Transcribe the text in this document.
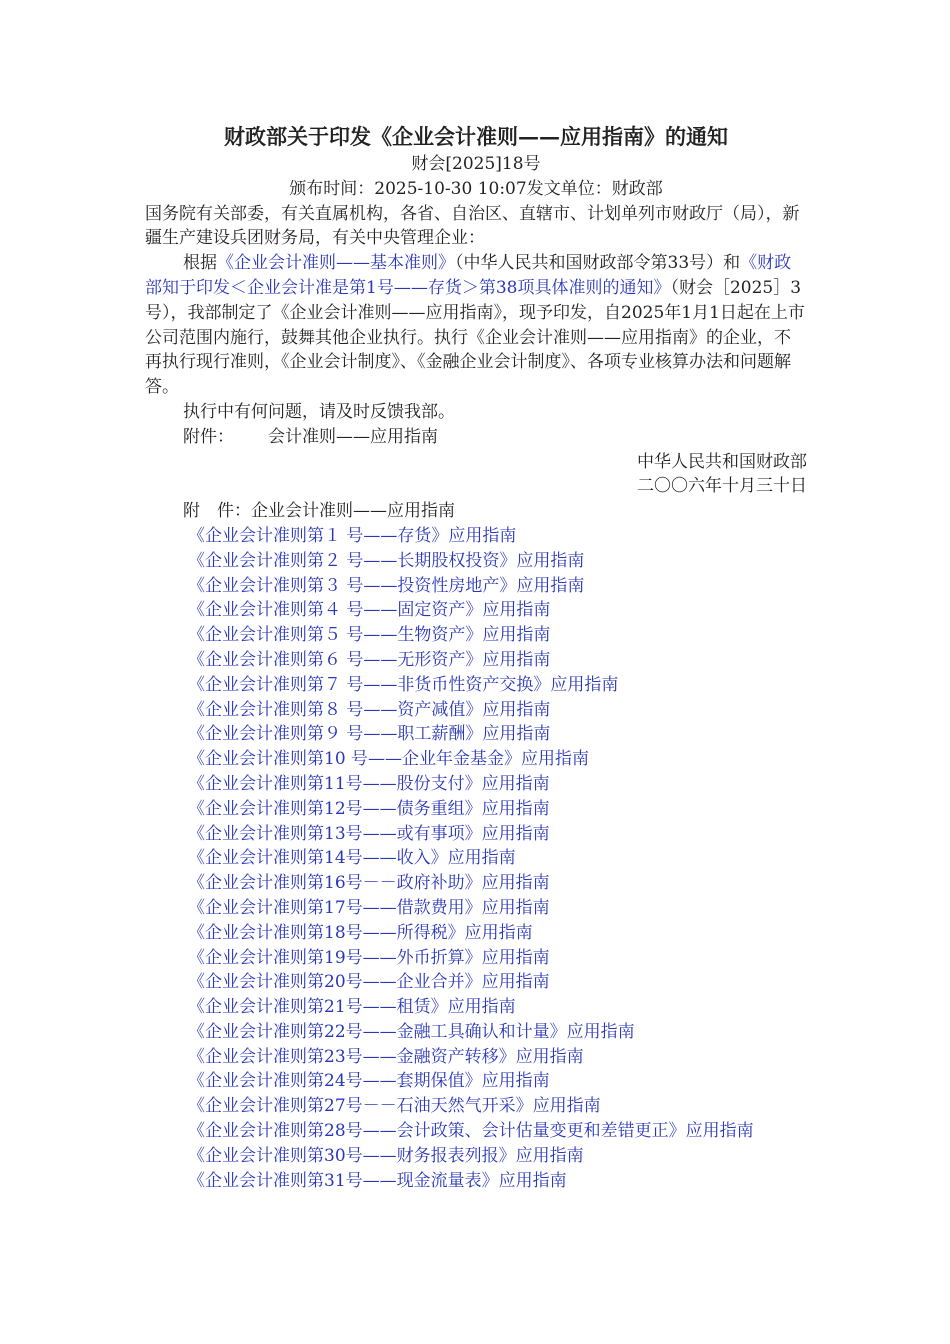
财政部关于印发《企业会计准则——应用指南》的通知
财会[2025]18号
颁布时间：2025-10-30 10:07发文单位：财政部

国务院有关部委，有关直属机构，各省、自治区、直辖市、计划单列市财政厅（局），新疆生产建设兵团财务局，有关中央管理企业：

根据《企业会计准则——基本准则》（中华人民共和国财政部令第33号）和《财政部知于印发＜企业会计准是第1号——存货＞第38项具体准则的通知》（财会［2025］3号），我部制定了《企业会计准则——应用指南》，现予印发，自2025年1月1日起在上市公司范围内施行，鼓舞其他企业执行。执行《企业会计准则——应用指南》的企业，不再执行现行准则，《企业会计制度》、《金融企业会计制度》、各项专业核算办法和问题解答。

执行中有何问题，请及时反馈我部。

附件： 会计准则——应用指南
中华人民共和国财政部
二〇〇六年十月三十日
附　件：企业会计准则——应用指南
《企业会计准则第１ 号——存货》应用指南
《企业会计准则第２ 号——长期股权投资》应用指南
《企业会计准则第３ 号——投资性房地产》应用指南
《企业会计准则第４ 号——固定资产》应用指南
《企业会计准则第５ 号——生物资产》应用指南
《企业会计准则第６ 号——无形资产》应用指南
《企业会计准则第７ 号——非货币性资产交换》应用指南
《企业会计准则第８ 号——资产减值》应用指南
《企业会计准则第９ 号——职工薪酬》应用指南
《企业会计准则第10 号——企业年金基金》应用指南
《企业会计准则第11号——股份支付》应用指南
《企业会计准则第12号——债务重组》应用指南
《企业会计准则第13号——或有事项》应用指南
《企业会计准则第14号——收入》应用指南
《企业会计准则第16号－－政府补助》应用指南
《企业会计准则第17号——借款费用》应用指南
《企业会计准则第18号——所得税》应用指南
《企业会计准则第19号——外币折算》应用指南
《企业会计准则第20号——企业合并》应用指南
《企业会计准则第21号——租赁》应用指南
《企业会计准则第22号——金融工具确认和计量》应用指南
《企业会计准则第23号——金融资产转移》应用指南
《企业会计准则第24号——套期保值》应用指南
《企业会计准则第27号－－石油天然气开采》应用指南
《企业会计准则第28号——会计政策、会计估量变更和差错更正》应用指南
《企业会计准则第30号——财务报表列报》应用指南
《企业会计准则第31号——现金流量表》应用指南
